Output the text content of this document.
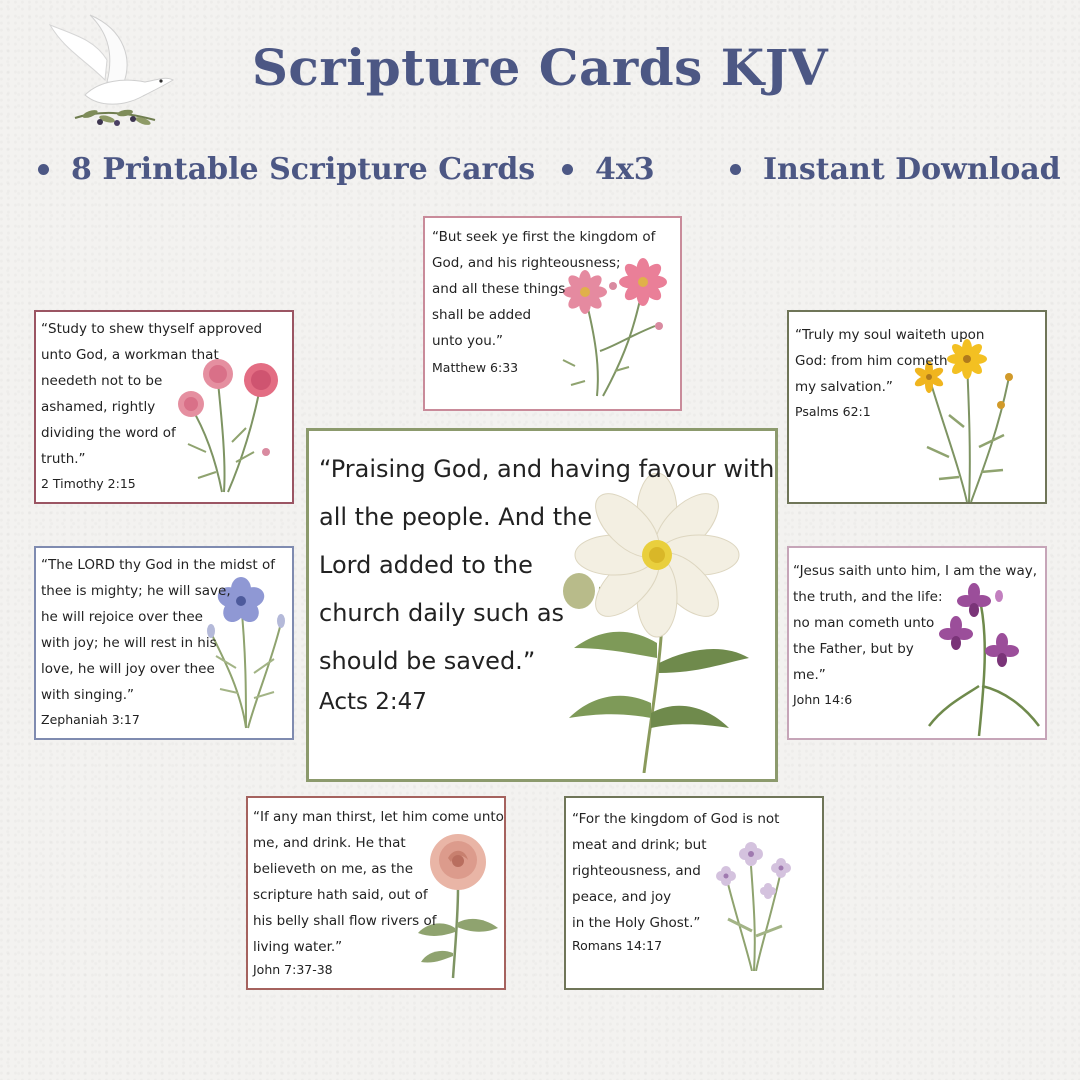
Scripture Cards KJV
8 Printable Scripture Cards	4x3	Instant Download
“But seek ye first the kingdom of
God, and his righteousness;
and all these things
shall be added
unto you.”
Matthew 6:33
“Study to shew thyself approved
unto God, a workman that
needeth not to be
ashamed, rightly
dividing the word of
truth.”
2 Timothy 2:15
“Truly my soul waiteth upon
God: from him cometh
my salvation.”
Psalms 62:1
“Praising God, and having favour with
all the people. And the
Lord added to the
church daily such as
should be saved.”
Acts 2:47
“The LORD thy God in the midst of
thee is mighty; he will save,
he will rejoice over thee
with joy; he will rest in his
love, he will joy over thee
with singing.”
Zephaniah 3:17
“Jesus saith unto him, I am the way,
the truth, and the life:
no man cometh unto
the Father, but by
me.”
John 14:6
“If any man thirst, let him come unto
me, and drink. He that
believeth on me, as the
scripture hath said, out of
his belly shall flow rivers of
living water.”
John 7:37-38
“For the kingdom of God is not
meat and drink; but
righteousness, and
peace, and joy
in the Holy Ghost.”
Romans 14:17
